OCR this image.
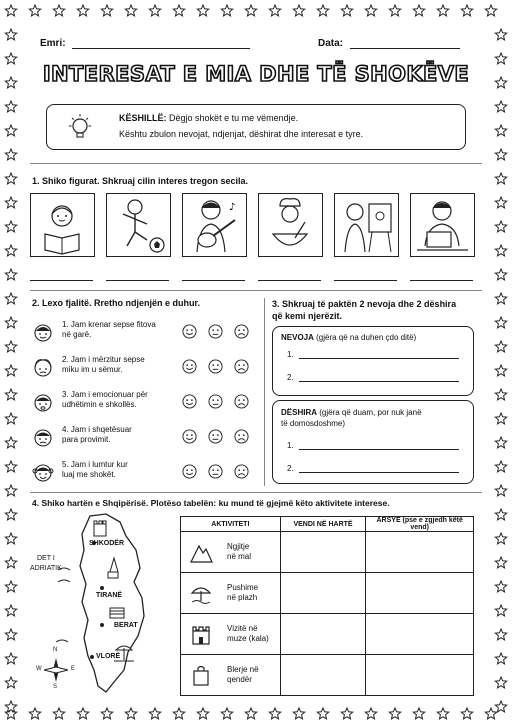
Emri:	Data:
INTERESAT E MIA DHE TË SHOKËVE
KËSHILLË: Dëgjo shokët e tu me vëmendje.
Kështu zbulon nevojat, ndjenjat, dëshirat dhe interesat e tyre.
1. Shiko figurat. Shkruaj cilin interes tregon secila.
♪
2. Lexo fjalitë. Rretho ndjenjën e duhur.
1. Jam krenar sepse fitova
në garë.
2. Jam i mërzitur sepse
miku im u sëmur.
3. Jam i emocionuar për
udhëtimin e shkollës.
4. Jam i shqetësuar
para provimit.
5. Jam i lumtur kur
luaj me shokët.
3. Shkruaj të paktën 2 nevoja dhe 2 dëshira
që kemi njerëzit.
NEVOJA (gjëra që na duhen çdo ditë)
1.
2.
DËSHIRA (gjëra që duam, por nuk janë
të domosdoshme)
1.
2.
4. Shiko hartën e Shqipërisë. Plotëso tabelën: ku mund të gjejmë këto aktivitete interese.
DET I
ADRIATIK
SHKODËR
TIRANË
BERAT
VLORË
N
E
S
W
AKTIVITETI	VENDI NË HARTË	ARSYE (pse e zgjedh këtë vend)

Ngjitje
në mal		

Pushime
në plazh		

Vizitë në
muze (kala)		

Blerje në
qendër		
